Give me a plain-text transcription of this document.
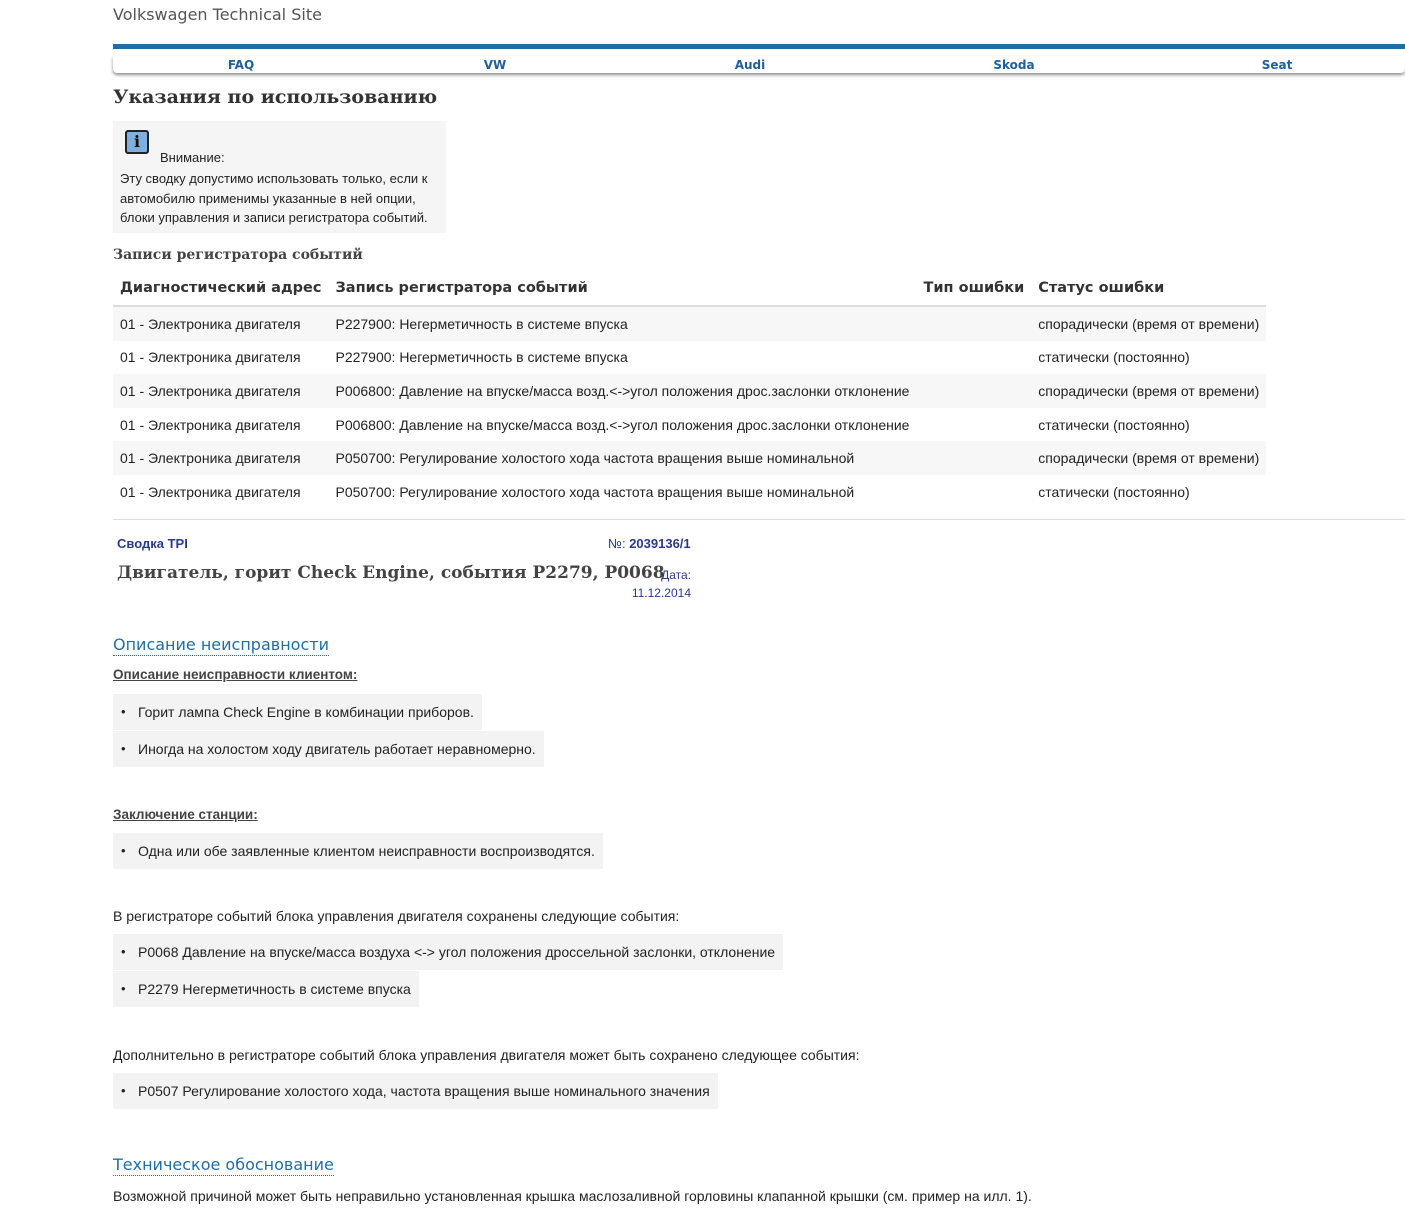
Volkswagen Technical Site
FAQ	VW	Audi	Skoda	Seat
Указания по использованию
i
Внимание:
Эту сводку допустимо использовать только, если к автомобилю применимы указанные в ней опции, блоки управления и записи регистратора событий.
Записи регистратора событий
Диагностический адрес	Запись регистратора событий	Тип ошибки	Статус ошибки
01 - Электроника двигателя	P227900: Негерметичность в системе впуска		спорадически (время от времени)
01 - Электроника двигателя	P227900: Негерметичность в системе впуска		статически (постоянно)
01 - Электроника двигателя	P006800: Давление на впуске/масса возд.<->угол положения дрос.заслонки отклонение		спорадически (время от времени)
01 - Электроника двигателя	P006800: Давление на впуске/масса возд.<->угол положения дрос.заслонки отклонение		статически (постоянно)
01 - Электроника двигателя	P050700: Регулирование холостого хода частота вращения выше номинальной		спорадически (время от времени)
01 - Электроника двигателя	P050700: Регулирование холостого хода частота вращения выше номинальной		статически (постоянно)
Сводка TPI	№: 2039136/1
Двигатель, горит Check Engine, события P2279, P0068
Дата:
11.12.2014
Описание неисправности
Описание неисправности клиентом:
• Горит лампа Check Engine в комбинации приборов.
• Иногда на холостом ходу двигатель работает неравномерно.
Заключение станции:
• Одна или обе заявленные клиентом неисправности воспроизводятся.
В регистраторе событий блока управления двигателя сохранены следующие события:
• P0068 Давление на впуске/масса воздуха <-> угол положения дроссельной заслонки, отклонение
• P2279 Негерметичность в системе впуска
Дополнительно в регистраторе событий блока управления двигателя может быть сохранено следующее события:
• P0507 Регулирование холостого хода, частота вращения выше номинального значения
Техническое обоснование
Возможной причиной может быть неправильно установленная крышка маслозаливной горловины клапанной крышки (см. пример на илл. 1).
